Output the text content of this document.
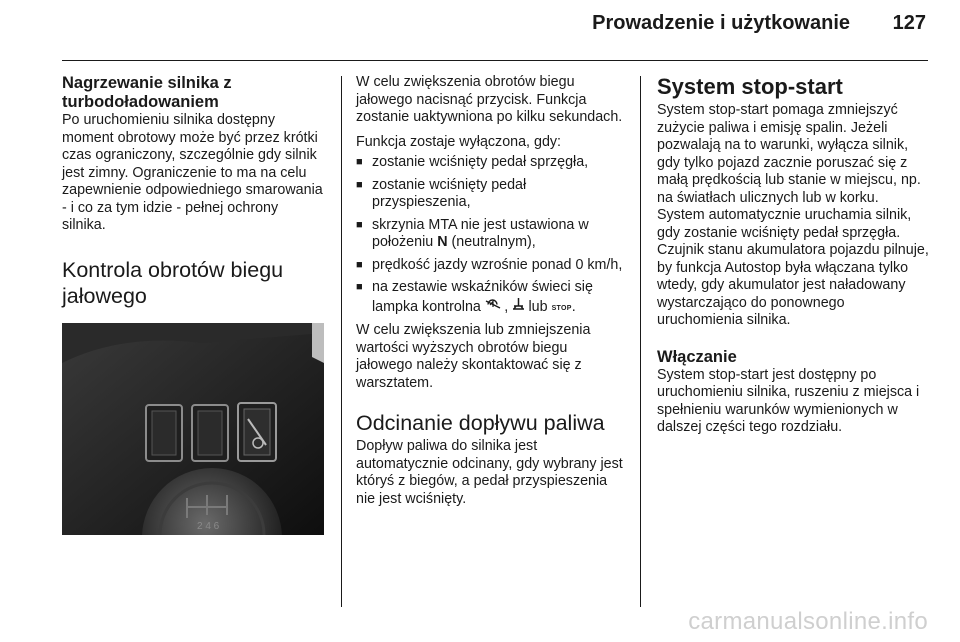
Prowadzenie i użytkowanie	127
Nagrzewanie silnika z turbodoładowaniem

Po uruchomieniu silnika dostępny moment obrotowy może być przez krótki czas ograniczony, szczególnie gdy silnik jest zimny. Ograniczenie to ma na celu zapewnienie odpowiedniego smarowania - i co za tym idzie - pełnej ochrony silnika.

Kontrola obrotów biegu jałowego
2 4 6

W celu zwiększenia obrotów biegu jałowego nacisnąć przycisk. Funkcja zostanie uaktywniona po kilku sekundach.

Funkcja zostaje wyłączona, gdy:

■ zostanie wciśnięty pedał sprzęgła,
■ zostanie wciśnięty pedał przyspieszenia,
■ skrzynia MTA nie jest ustawiona w położeniu N (neutralnym),
■ prędkość jazdy wzrośnie ponad 0 km/h,
■ na zestawie wskaźników świeci się lampka kontrolna  ,  lub STOP.

W celu zwiększenia lub zmniejszenia wartości wyższych obrotów biegu jałowego należy skontaktować się z warsztatem.

Odcinanie dopływu paliwa

Dopływ paliwa do silnika jest automatycznie odcinany, gdy wybrany jest któryś z biegów, a pedał przyspieszenia nie jest wciśnięty.

System stop-start

System stop-start pomaga zmniejszyć zużycie paliwa i emisję spalin. Jeżeli pozwalają na to warunki, wyłącza silnik, gdy tylko pojazd zacznie poruszać się z małą prędkością lub stanie w miejscu, np. na światłach ulicznych lub w korku. System automatycznie uruchamia silnik, gdy zostanie wciśnięty pedał sprzęgła. Czujnik stanu akumulatora pojazdu pilnuje, by funkcja Autostop była włączana tylko wtedy, gdy akumulator jest naładowany wystarczająco do ponownego uruchomienia silnika.

Włączanie

System stop-start jest dostępny po uruchomieniu silnika, ruszeniu z miejsca i spełnieniu warunków wymienionych w dalszej części tego rozdziału.

carmanualsonline.info
